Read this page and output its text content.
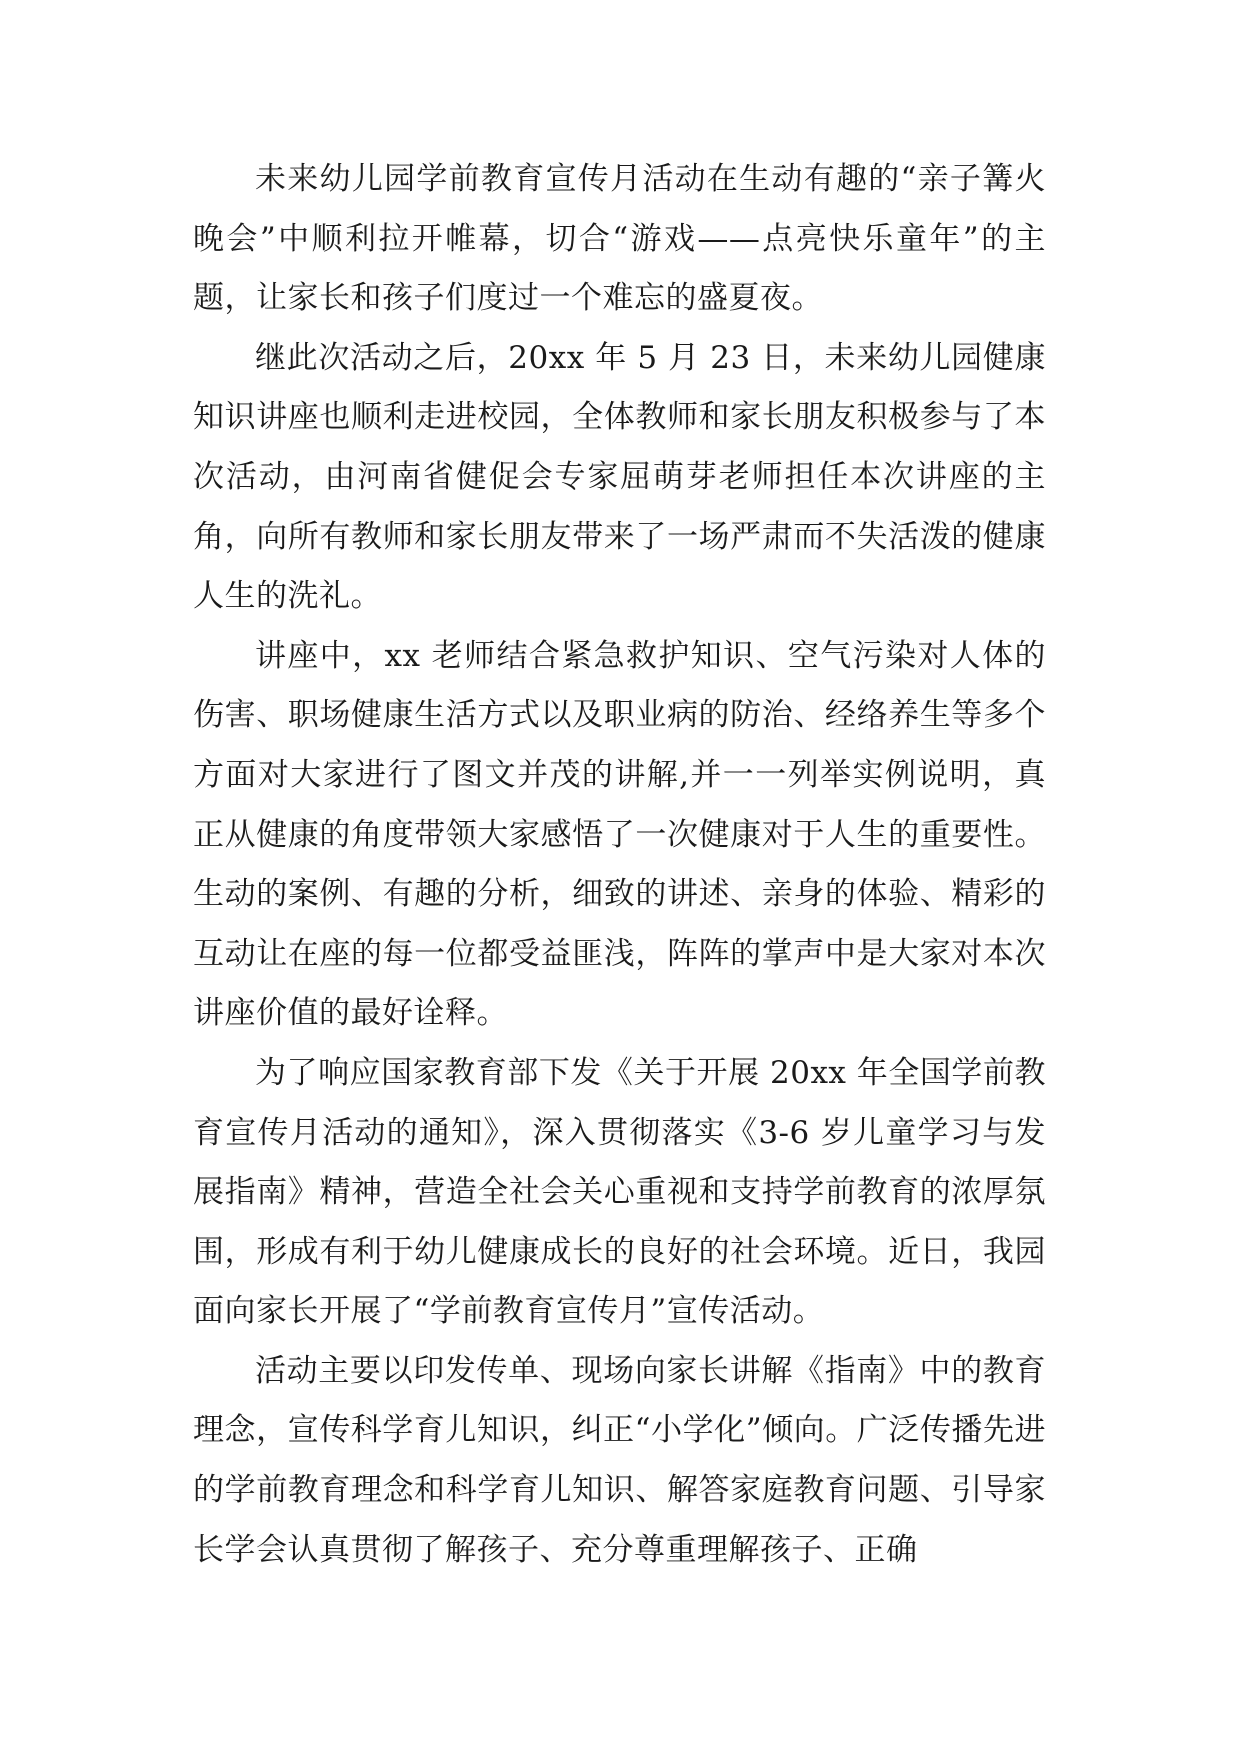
未来幼儿园学前教育宣传月活动在生动有趣的“亲子篝火晚会”中顺利拉开帷幕，切合“游戏——点亮快乐童年”的主题，让家长和孩子们度过一个难忘的盛夏夜。

继此次活动之后，20xx 年 5 月 23 日，未来幼儿园健康知识讲座也顺利走进校园，全体教师和家长朋友积极参与了本次活动，由河南省健促会专家屈萌芽老师担任本次讲座的主角，向所有教师和家长朋友带来了一场严肃而不失活泼的健康人生的洗礼。

讲座中，xx 老师结合紧急救护知识、空气污染对人体的伤害、职场健康生活方式以及职业病的防治、经络养生等多个方面对大家进行了图文并茂的讲解,并一一列举实例说明，真正从健康的角度带领大家感悟了一次健康对于人生的重要性。生动的案例、有趣的分析，细致的讲述、亲身的体验、精彩的互动让在座的每一位都受益匪浅，阵阵的掌声中是大家对本次讲座价值的最好诠释。

为了响应国家教育部下发《关于开展 20xx 年全国学前教育宣传月活动的通知》，深入贯彻落实《3-6 岁儿童学习与发展指南》精神，营造全社会关心重视和支持学前教育的浓厚氛围，形成有利于幼儿健康成长的良好的社会环境。近日，我园面向家长开展了“学前教育宣传月”宣传活动。

活动主要以印发传单、现场向家长讲解《指南》中的教育理念，宣传科学育儿知识，纠正“小学化”倾向。广泛传播先进的学前教育理念和科学育儿知识、解答家庭教育问题、引导家长学会认真贯彻了解孩子、充分尊重理解孩子、正确
